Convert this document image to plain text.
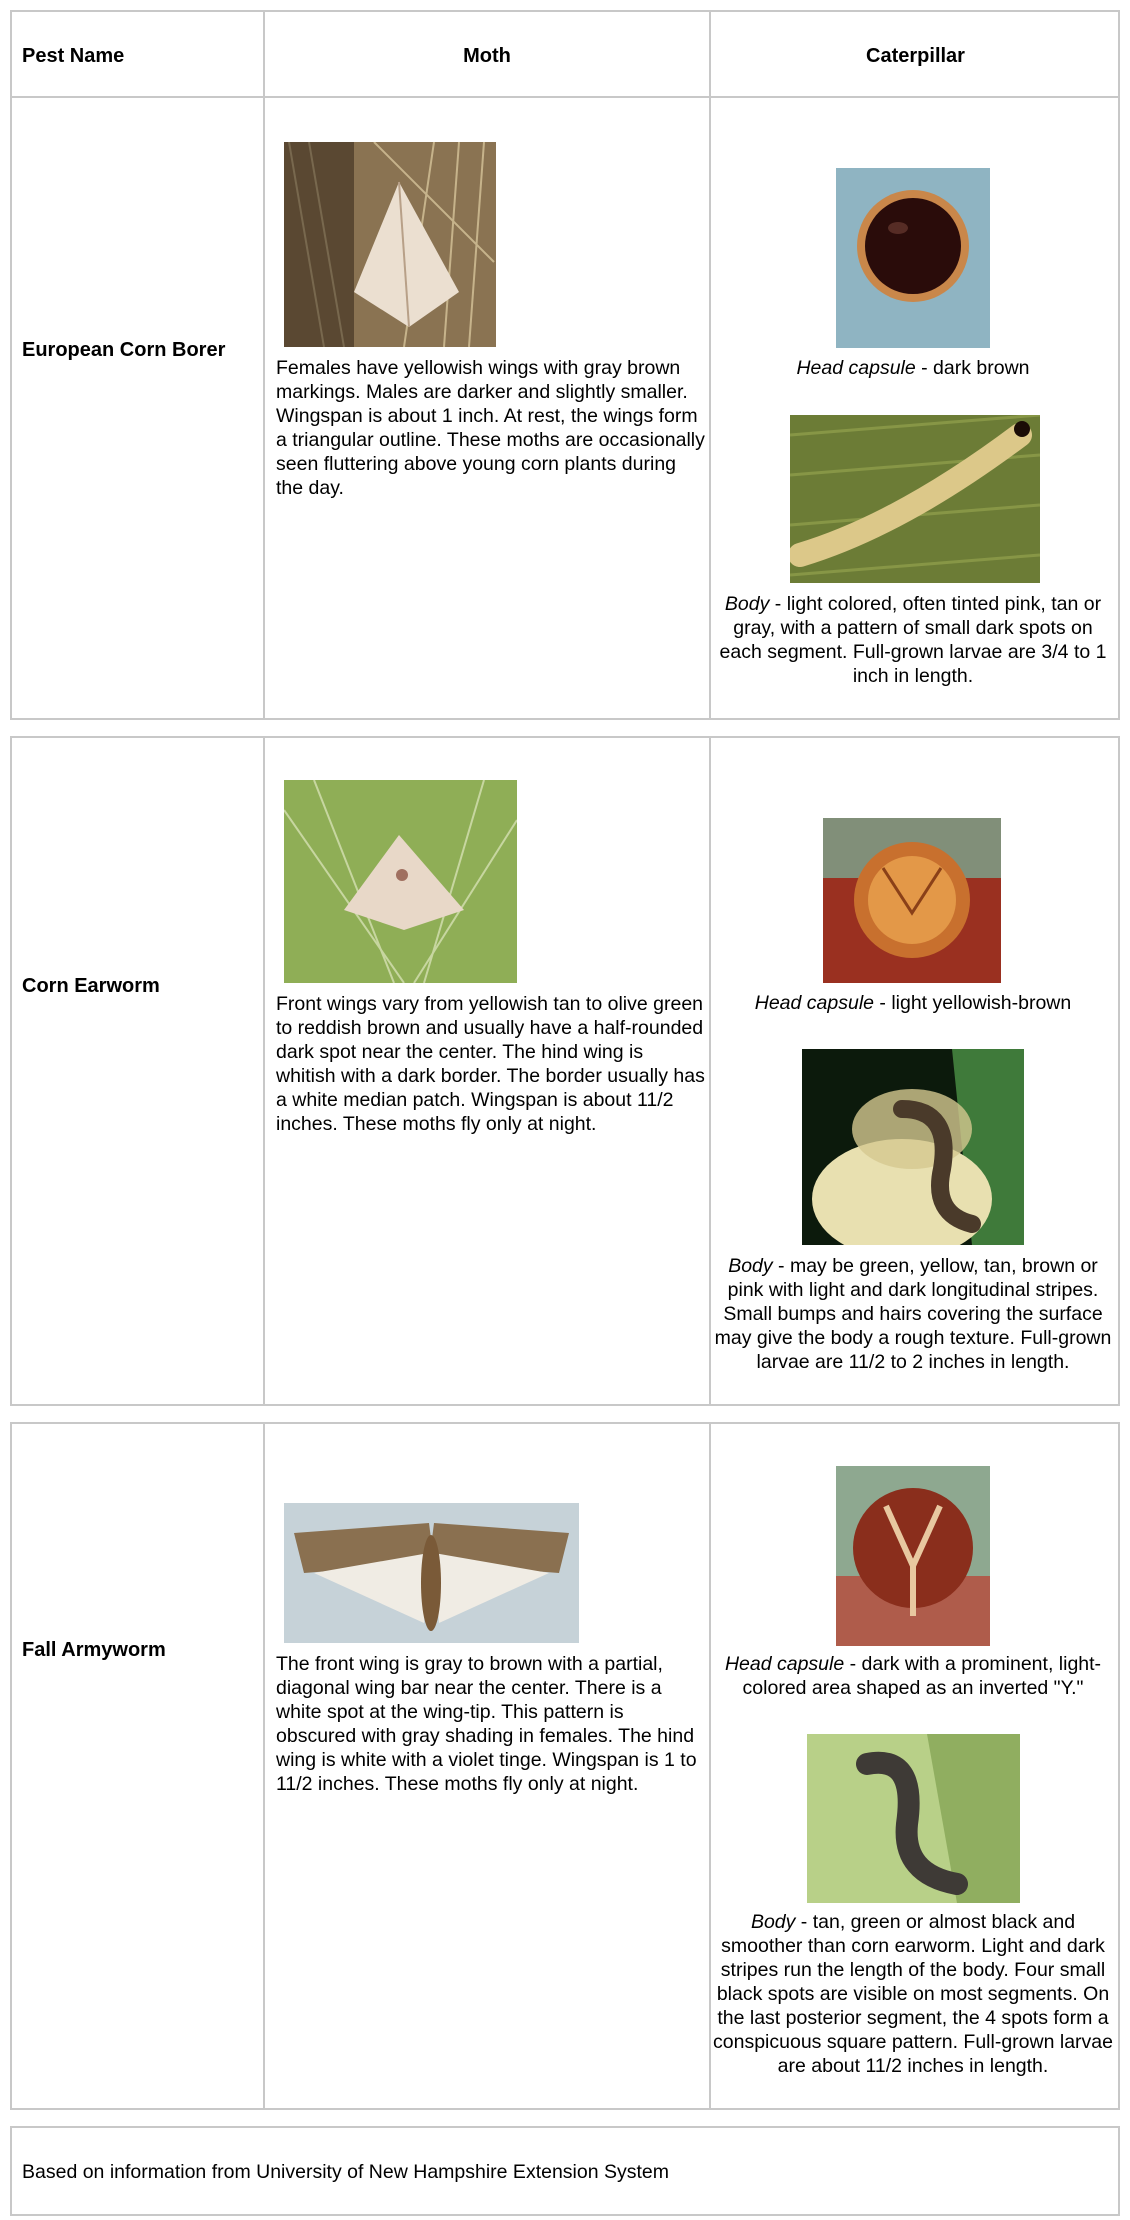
Pest Name	Moth	Caterpillar
European Corn Borer
Females have yellowish wings with gray brown markings. Males are darker and slightly smaller. Wingspan is about 1 inch. At rest, the wings form a triangular outline. These moths are occasionally seen fluttering above young corn plants during the day.
Head capsule - dark brown
Body - light colored, often tinted pink, tan or gray, with a pattern of small dark spots on each segment. Full-grown larvae are 3/4 to 1 inch in length.
Corn Earworm
Front wings vary from yellowish tan to olive green to reddish brown and usually have a half-rounded dark spot near the center. The hind wing is whitish with a dark border. The border usually has a white median patch. Wingspan is about 11/2 inches. These moths fly only at night.
Head capsule - light yellowish-brown
Body - may be green, yellow, tan, brown or pink with light and dark longitudinal stripes. Small bumps and hairs covering the surface may give the body a rough texture. Full-grown larvae are 11/2 to 2 inches in length.
Fall Armyworm
The front wing is gray to brown with a partial, diagonal wing bar near the center. There is a white spot at the wing-tip. This pattern is obscured with gray shading in females. The hind wing is white with a violet tinge. Wingspan is 1 to 11/2 inches. These moths fly only at night.
Head capsule - dark with a prominent, light-colored area shaped as an inverted "Y."
Body - tan, green or almost black and smoother than corn earworm. Light and dark stripes run the length of the body. Four small black spots are visible on most segments. On the last posterior segment, the 4 spots form a conspicuous square pattern. Full-grown larvae are about 11/2 inches in length.
Based on information from University of New Hampshire Extension System
